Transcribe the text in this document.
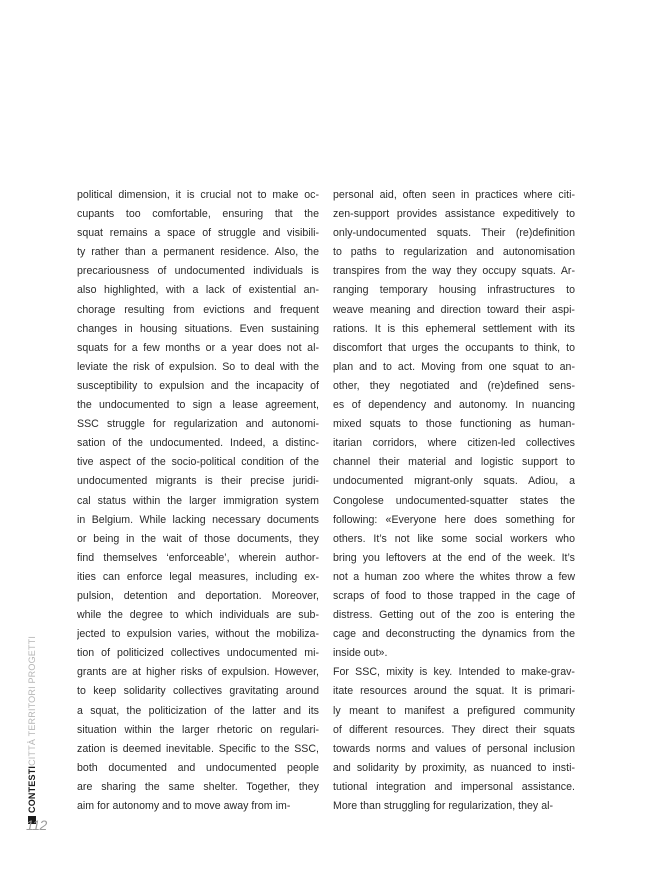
political dimension, it is crucial not to make oc-
cupants too comfortable, ensuring that the
squat remains a space of struggle and visibili-
ty rather than a permanent residence. Also, the
precariousness of undocumented individuals is
also highlighted, with a lack of existential an-
chorage resulting from evictions and frequent
changes in housing situations. Even sustaining
squats for a few months or a year does not al-
leviate the risk of expulsion. So to deal with the
susceptibility to expulsion and the incapacity of
the undocumented to sign a lease agreement,
SSC struggle for regularization and autonomi-
sation of the undocumented. Indeed, a distinc-
tive aspect of the socio-political condition of the
undocumented migrants is their precise juridi-
cal status within the larger immigration system
in Belgium. While lacking necessary documents
or being in the wait of those documents, they
find themselves ‘enforceable’, wherein author-
ities can enforce legal measures, including ex-
pulsion, detention and deportation. Moreover,
while the degree to which individuals are sub-
jected to expulsion varies, without the mobiliza-
tion of politicized collectives undocumented mi-
grants are at higher risks of expulsion. However,
to keep solidarity collectives gravitating around
a squat, the politicization of the latter and its
situation within the larger rhetoric on regulari-
zation is deemed inevitable. Specific to the SSC,
both documented and undocumented people
are sharing the same shelter. Together, they
aim for autonomy and to move away from im-
personal aid, often seen in practices where citi-
zen-support provides assistance expeditively to
only-undocumented squats. Their (re)definition
to paths to regularization and autonomisation
transpires from the way they occupy squats. Ar-
ranging temporary housing infrastructures to
weave meaning and direction toward their aspi-
rations. It is this ephemeral settlement with its
discomfort that urges the occupants to think, to
plan and to act. Moving from one squat to an-
other, they negotiated and (re)defined sens-
es of dependency and autonomy. In nuancing
mixed squats to those functioning as human-
itarian corridors, where citizen-led collectives
channel their material and logistic support to
undocumented migrant-only squats. Adiou, a
Congolese undocumented-squatter states the
following: «Everyone here does something for
others. It’s not like some social workers who
bring you leftovers at the end of the week. It’s
not a human zoo where the whites throw a few
scraps of food to those trapped in the cage of
distress. Getting out of the zoo is entering the
cage and deconstructing the dynamics from the
inside out».
For SSC, mixity is key. Intended to make-grav-
itate resources around the squat. It is primari-
ly meant to manifest a prefigured community
of different resources. They direct their squats
towards norms and values of personal inclusion
and solidarity by proximity, as nuanced to insti-
tutional integration and impersonal assistance.
More than struggling for regularization, they al-
CONTESTICITTÀ TERRITORI PROGETTI
112
